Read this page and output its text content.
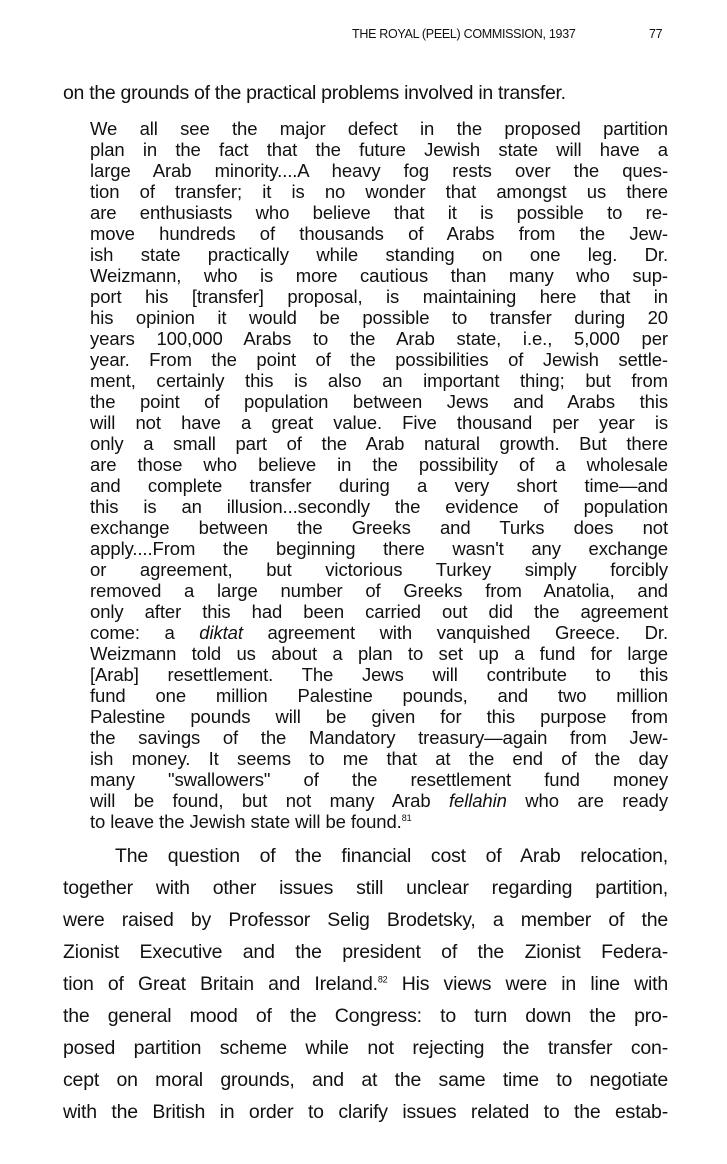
THE ROYAL (PEEL) COMMISSION, 1937	77
on the grounds of the practical problems involved in transfer.
We all see the major defect in the proposed partition
plan in the fact that the future Jewish state will have a
large Arab minority....A heavy fog rests over the ques-
tion of transfer; it is no wonder that amongst us there
are enthusiasts who believe that it is possible to re-
move hundreds of thousands of Arabs from the Jew-
ish state practically while standing on one leg. Dr.
Weizmann, who is more cautious than many who sup-
port his [transfer] proposal, is maintaining here that in
his opinion it would be possible to transfer during 20
years 100,000 Arabs to the Arab state, i.e., 5,000 per
year. From the point of the possibilities of Jewish settle-
ment, certainly this is also an important thing; but from
the point of population between Jews and Arabs this
will not have a great value. Five thousand per year is
only a small part of the Arab natural growth. But there
are those who believe in the possibility of a wholesale
and complete transfer during a very short time—and
this is an illusion...secondly the evidence of population
exchange between the Greeks and Turks does not
apply....From the beginning there wasn't any exchange
or agreement, but victorious Turkey simply forcibly
removed a large number of Greeks from Anatolia, and
only after this had been carried out did the agreement
come: a diktat agreement with vanquished Greece. Dr.
Weizmann told us about a plan to set up a fund for large
[Arab] resettlement. The Jews will contribute to this
fund one million Palestine pounds, and two million
Palestine pounds will be given for this purpose from
the savings of the Mandatory treasury—again from Jew-
ish money. It seems to me that at the end of the day
many "swallowers" of the resettlement fund money
will be found, but not many Arab fellahin who are ready
to leave the Jewish state will be found.$^{81}$
The question of the financial cost of Arab relocation,
together with other issues still unclear regarding partition,
were raised by Professor Selig Brodetsky, a member of the
Zionist Executive and the president of the Zionist Federa-
tion of Great Britain and Ireland.$^{82}$ His views were in line with
the general mood of the Congress: to turn down the pro-
posed partition scheme while not rejecting the transfer con-
cept on moral grounds, and at the same time to negotiate
with the British in order to clarify issues related to the estab-
